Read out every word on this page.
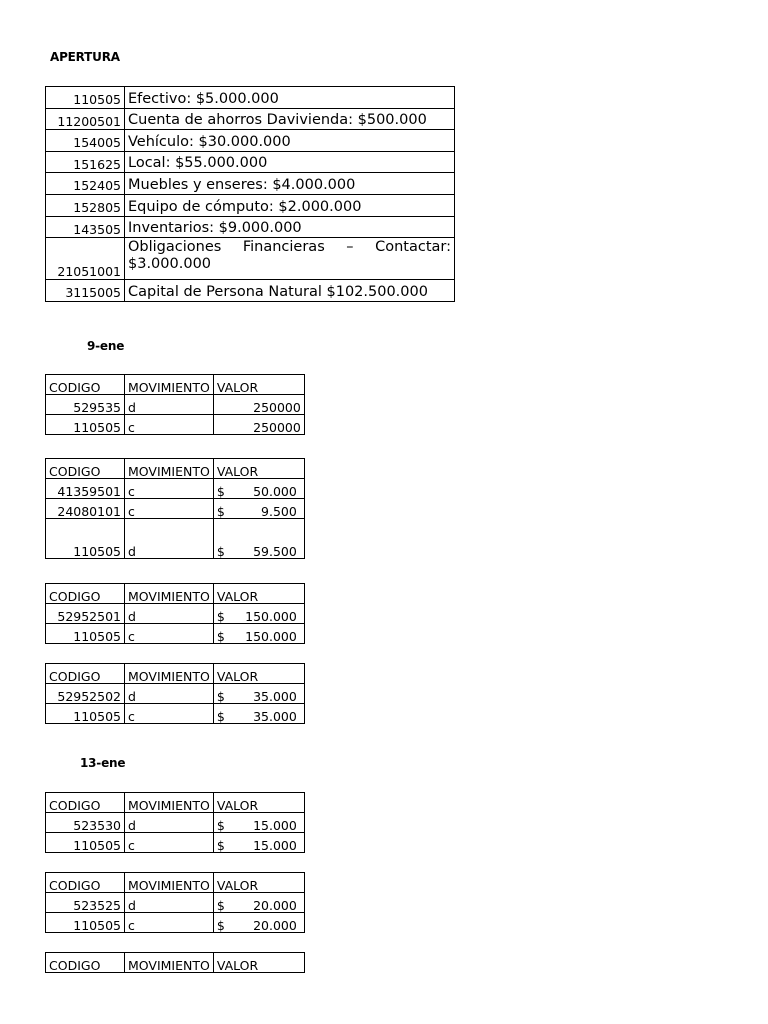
APERTURA
110505	Efectivo: $5.000.000
11200501	Cuenta de ahorros Davivienda: $500.000
154005	Vehículo: $30.000.000
151625	Local: $55.000.000
152405	Muebles y enseres: $4.000.000
152805	Equipo de cómputo: $2.000.000
143505	Inventarios: $9.000.000
21051001	Obligaciones Financieras – Contactar: $3.000.000
3115005	Capital de Persona Natural $102.500.000
9-ene
CODIGO	MOVIMIENTO	VALOR
529535	d	250000
110505	c	250000
CODIGO	MOVIMIENTO	VALOR
41359501	c	$ 50.000

24080101	c	$ 9.500

110505	d	$ 59.500
CODIGO	MOVIMIENTO	VALOR
52952501	d	$ 150.000

110505	c	$ 150.000
CODIGO	MOVIMIENTO	VALOR
52952502	d	$ 35.000

110505	c	$ 35.000
13-ene
CODIGO	MOVIMIENTO	VALOR
523530	d	$ 15.000

110505	c	$ 15.000
CODIGO	MOVIMIENTO	VALOR
523525	d	$ 20.000

110505	c	$ 20.000
CODIGO	MOVIMIENTO	VALOR
